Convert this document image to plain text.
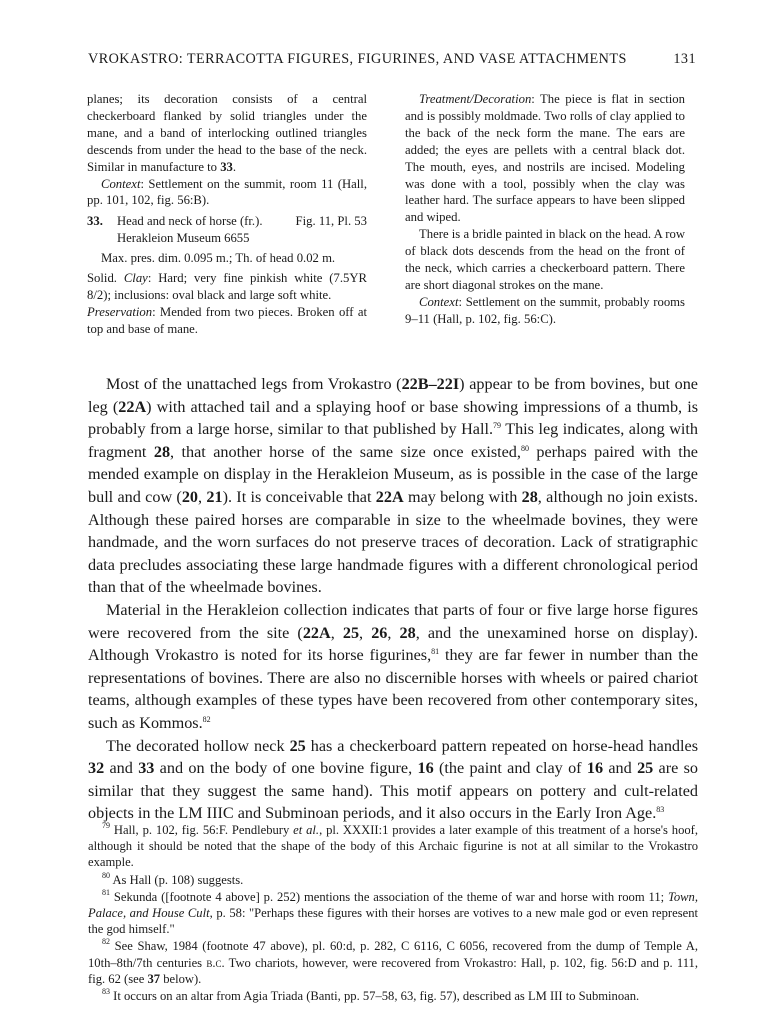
VROKASTRO: TERRACOTTA FIGURES, FIGURINES, AND VASE ATTACHMENTS	131

planes; its decoration consists of a central checkerboard flanked by solid triangles under the mane, and a band of interlocking outlined triangles descends from under the head to the base of the neck. Similar in manufacture to 33.

Context: Settlement on the summit, room 11 (Hall, pp. 101, 102, fig. 56:B).

33.	Head and neck of horse (fr.).	Fig. 11, Pl. 53
Herakleion Museum 6655

Max. pres. dim. 0.095 m.; Th. of head 0.02 m.

Solid. Clay: Hard; very fine pinkish white (7.5YR 8/2); inclusions: oval black and large soft white.

Preservation: Mended from two pieces. Broken off at top and base of mane.

Treatment/Decoration: The piece is flat in section and is possibly moldmade. Two rolls of clay applied to the back of the neck form the mane. The ears are added; the eyes are pellets with a central black dot. The mouth, eyes, and nostrils are incised. Modeling was done with a tool, possibly when the clay was leather hard. The surface appears to have been slipped and wiped.

There is a bridle painted in black on the head. A row of black dots descends from the head on the front of the neck, which carries a checkerboard pattern. There are short diagonal strokes on the mane.

Context: Settlement on the summit, probably rooms 9–11 (Hall, p. 102, fig. 56:C).

Most of the unattached legs from Vrokastro (22B–22I) appear to be from bovines, but one leg (22A) with attached tail and a splaying hoof or base showing impressions of a thumb, is probably from a large horse, similar to that published by Hall.$^{79}$ This leg indicates, along with fragment 28, that another horse of the same size once existed,$^{80}$ perhaps paired with the mended example on display in the Herakleion Museum, as is possible in the case of the large bull and cow (20, 21). It is conceivable that 22A may belong with 28, although no join exists. Although these paired horses are comparable in size to the wheelmade bovines, they were handmade, and the worn surfaces do not preserve traces of decoration. Lack of stratigraphic data precludes associating these large handmade figures with a different chronological period than that of the wheelmade bovines.

Material in the Herakleion collection indicates that parts of four or five large horse figures were recovered from the site (22A, 25, 26, 28, and the unexamined horse on display). Although Vrokastro is noted for its horse figurines,$^{81}$ they are far fewer in number than the representations of bovines. There are also no discernible horses with wheels or paired chariot teams, although examples of these types have been recovered from other contemporary sites, such as Kommos.$^{82}$

The decorated hollow neck 25 has a checkerboard pattern repeated on horse-head handles 32 and 33 and on the body of one bovine figure, 16 (the paint and clay of 16 and 25 are so similar that they suggest the same hand). This motif appears on pottery and cult-related objects in the LM IIIC and Subminoan periods, and it also occurs in the Early Iron Age.$^{83}$

$^{79}$ Hall, p. 102, fig. 56:F. Pendlebury et al., pl. XXXII:1 provides a later example of this treatment of a horse's hoof, although it should be noted that the shape of the body of this Archaic figurine is not at all similar to the Vrokastro example.

$^{80}$ As Hall (p. 108) suggests.

$^{81}$ Sekunda ([footnote 4 above] p. 252) mentions the association of the theme of war and horse with room 11; Town, Palace, and House Cult, p. 58: "Perhaps these figures with their horses are votives to a new male god or even represent the god himself."

$^{82}$ See Shaw, 1984 (footnote 47 above), pl. 60:d, p. 282, C 6116, C 6056, recovered from the dump of Temple A, 10th–8th/7th centuries b.c. Two chariots, however, were recovered from Vrokastro: Hall, p. 102, fig. 56:D and p. 111, fig. 62 (see 37 below).

$^{83}$ It occurs on an altar from Agia Triada (Banti, pp. 57–58, 63, fig. 57), described as LM III to Subminoan.
